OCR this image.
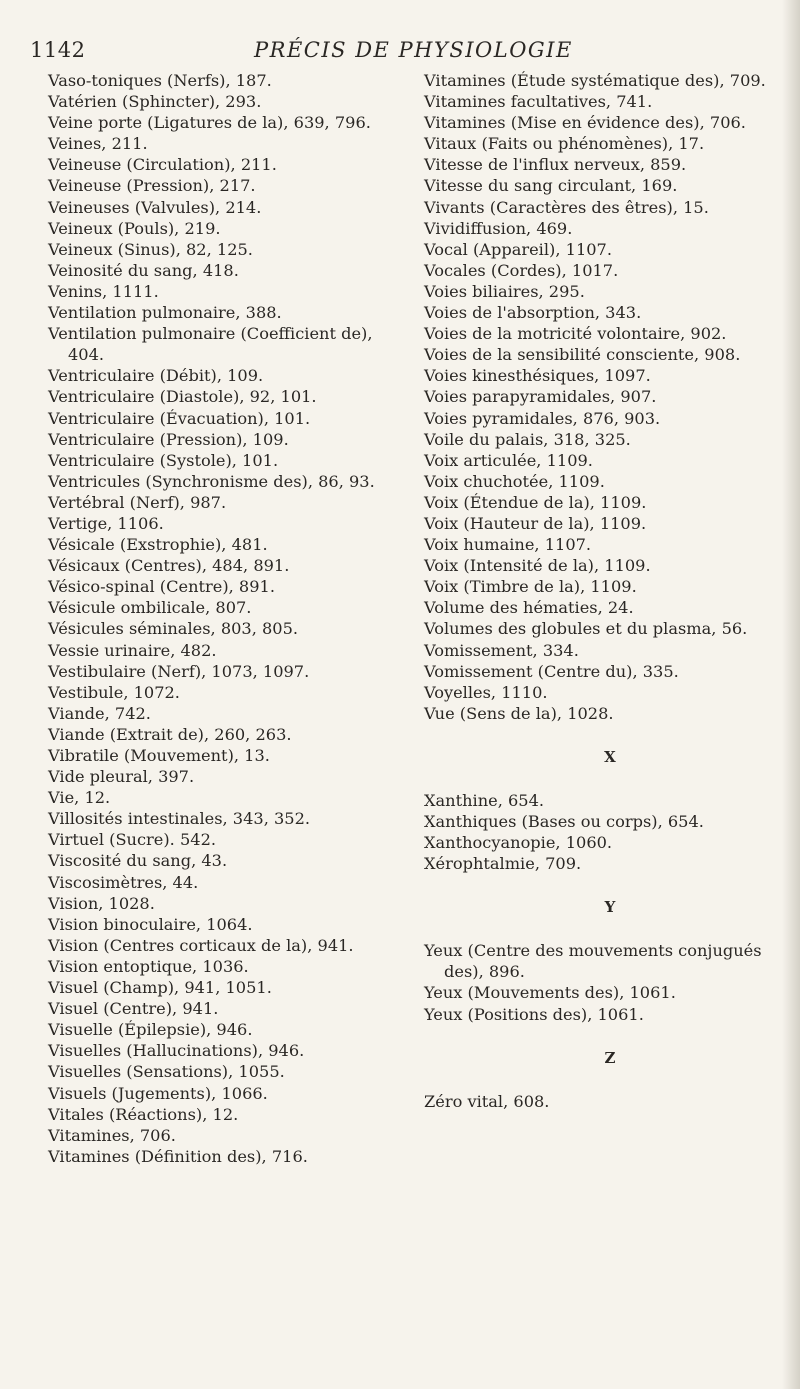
1142	PRÉCIS DE PHYSIOLOGIE
Vaso-toniques (Nerfs), 187.
Vatérien (Sphincter), 293.
Veine porte (Ligatures de la), 639, 796.
Veines, 211.
Veineuse (Circulation), 211.
Veineuse (Pression), 217.
Veineuses (Valvules), 214.
Veineux (Pouls), 219.
Veineux (Sinus), 82, 125.
Veinosité du sang, 418.
Venins, 1111.
Ventilation pulmonaire, 388.
Ventilation pulmonaire (Coefficient de),
404.
Ventriculaire (Débit), 109.
Ventriculaire (Diastole), 92, 101.
Ventriculaire (Évacuation), 101.
Ventriculaire (Pression), 109.
Ventriculaire (Systole), 101.
Ventricules (Synchronisme des), 86, 93.
Vertébral (Nerf), 987.
Vertige, 1106.
Vésicale (Exstrophie), 481.
Vésicaux (Centres), 484, 891.
Vésico-spinal (Centre), 891.
Vésicule ombilicale, 807.
Vésicules séminales, 803, 805.
Vessie urinaire, 482.
Vestibulaire (Nerf), 1073, 1097.
Vestibule, 1072.
Viande, 742.
Viande (Extrait de), 260, 263.
Vibratile (Mouvement), 13.
Vide pleural, 397.
Vie, 12.
Villosités intestinales, 343, 352.
Virtuel (Sucre). 542.
Viscosité du sang, 43.
Viscosimètres, 44.
Vision, 1028.
Vision binoculaire, 1064.
Vision (Centres corticaux de la), 941.
Vision entoptique, 1036.
Visuel (Champ), 941, 1051.
Visuel (Centre), 941.
Visuelle (Épilepsie), 946.
Visuelles (Hallucinations), 946.
Visuelles (Sensations), 1055.
Visuels (Jugements), 1066.
Vitales (Réactions), 12.
Vitamines, 706.
Vitamines (Définition des), 716.
Vitamines (Étude systématique des), 709.
Vitamines facultatives, 741.
Vitamines (Mise en évidence des), 706.
Vitaux (Faits ou phénomènes), 17.
Vitesse de l'influx nerveux, 859.
Vitesse du sang circulant, 169.
Vivants (Caractères des êtres), 15.
Vividiffusion, 469.
Vocal (Appareil), 1107.
Vocales (Cordes), 1017.
Voies biliaires, 295.
Voies de l'absorption, 343.
Voies de la motricité volontaire, 902.
Voies de la sensibilité consciente, 908.
Voies kinesthésiques, 1097.
Voies parapyramidales, 907.
Voies pyramidales, 876, 903.
Voile du palais, 318, 325.
Voix articulée, 1109.
Voix chuchotée, 1109.
Voix (Étendue de la), 1109.
Voix (Hauteur de la), 1109.
Voix humaine, 1107.
Voix (Intensité de la), 1109.
Voix (Timbre de la), 1109.
Volume des hématies, 24.
Volumes des globules et du plasma, 56.
Vomissement, 334.
Vomissement (Centre du), 335.
Voyelles, 1110.
Vue (Sens de la), 1028.
X
Xanthine, 654.
Xanthiques (Bases ou corps), 654.
Xanthocyanopie, 1060.
Xérophtalmie, 709.
Y
Yeux (Centre des mouvements conjugués
des), 896.
Yeux (Mouvements des), 1061.
Yeux (Positions des), 1061.
Z
Zéro vital, 608.
